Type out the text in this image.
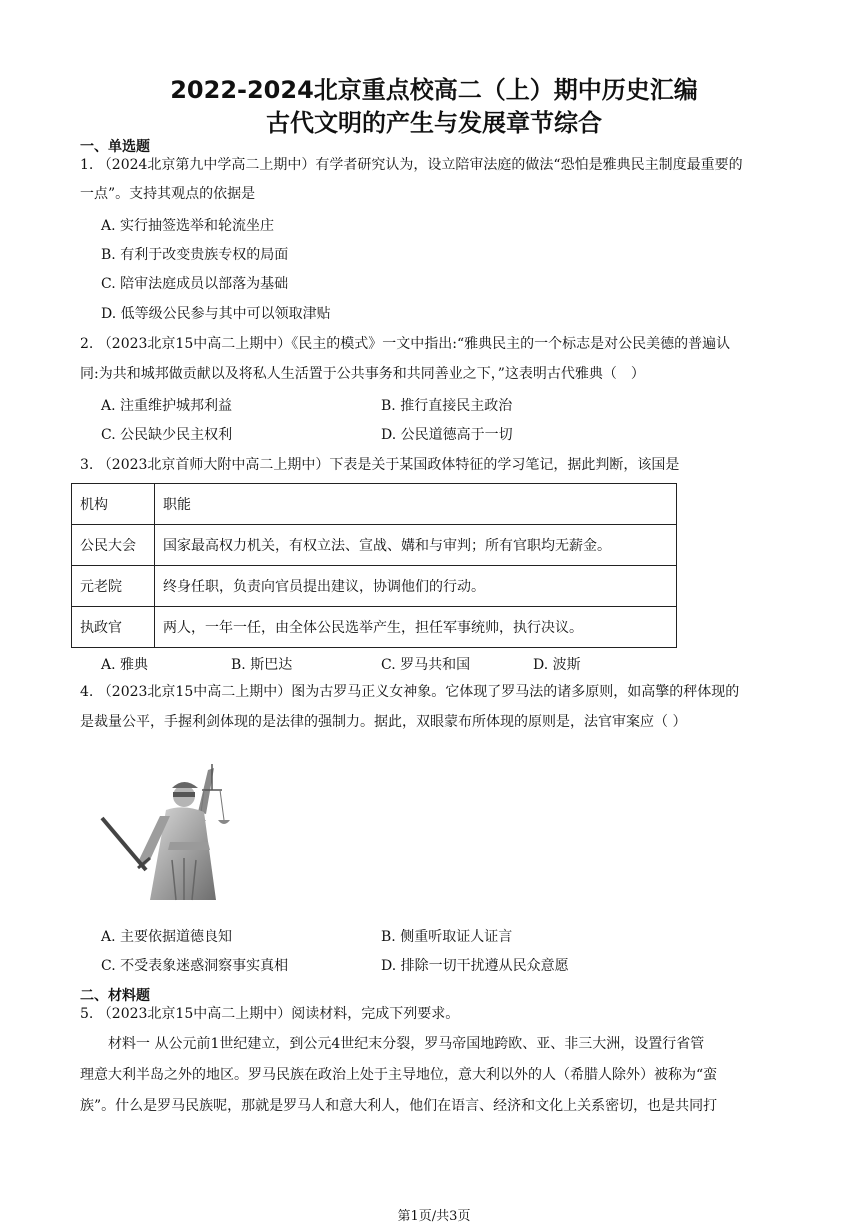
2022-2024北京重点校高二（上）期中历史汇编
古代文明的产生与发展章节综合
一、单选题
1. （2024北京第九中学高二上期中）有学者研究认为，设立陪审法庭的做法“恐怕是雅典民主制度最重要的
一点”。支持其观点的依据是
A. 实行抽签选举和轮流坐庄
B. 有利于改变贵族专权的局面
C. 陪审法庭成员以部落为基础
D. 低等级公民参与其中可以领取津贴
2. （2023北京15中高二上期中）《民主的模式》一文中指出:“雅典民主的一个标志是对公民美德的普遍认
同:为共和城邦做贡献以及将私人生活置于公共事务和共同善业之下，”这表明古代雅典（　）
A. 注重维护城邦利益	B. 推行直接民主政治
C. 公民缺少民主权利	D. 公民道德高于一切
3. （2023北京首师大附中高二上期中）下表是关于某国政体特征的学习笔记，据此判断，该国是
机构	职能
公民大会	国家最高权力机关，有权立法、宣战、媾和与审判；所有官职均无薪金。
元老院	终身任职，负责向官员提出建议，协调他们的行动。
执政官	两人，一年一任，由全体公民选举产生，担任军事统帅，执行决议。
A. 雅典	B. 斯巴达	C. 罗马共和国	D. 波斯
4. （2023北京15中高二上期中）图为古罗马正义女神象。它体现了罗马法的诸多原则，如高擎的秤体现的
是裁量公平，手握利剑体现的是法律的强制力。据此，双眼蒙布所体现的原则是，法官审案应（ ）
A. 主要依据道德良知	B. 侧重听取证人证言
C. 不受表象迷惑洞察事实真相	D. 排除一切干扰遵从民众意愿
二、材料题
5. （2023北京15中高二上期中）阅读材料，完成下列要求。
材料一 从公元前1世纪建立，到公元4世纪末分裂，罗马帝国地跨欧、亚、非三大洲，设置行省管
理意大利半岛之外的地区。罗马民族在政治上处于主导地位，意大利以外的人（希腊人除外）被称为“蛮
族”。什么是罗马民族呢，那就是罗马人和意大利人，他们在语言、经济和文化上关系密切，也是共同打
第1页/共3页
